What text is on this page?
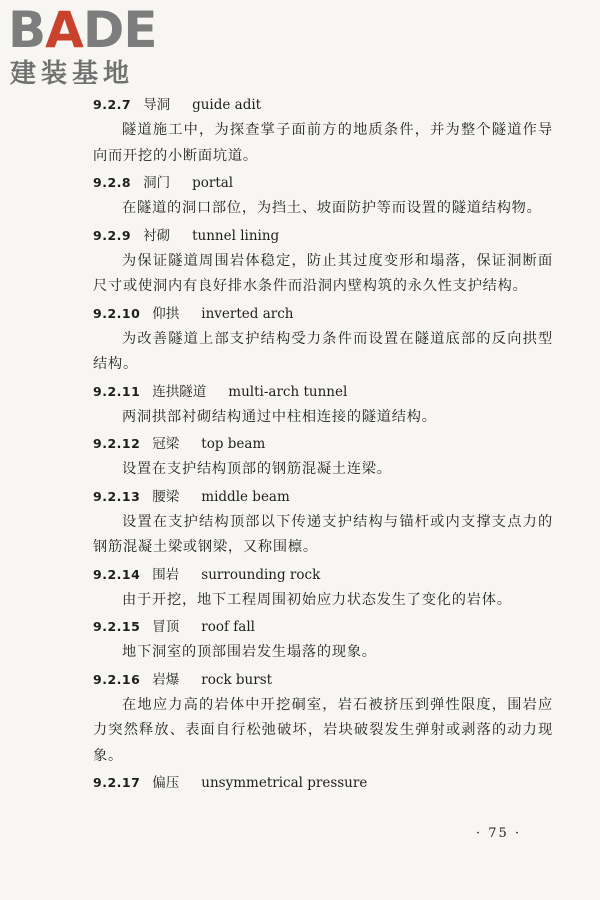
BADE
建装基地
9.2.7 导洞 guide adit
隧道施工中，为探查掌子面前方的地质条件，并为整个隧道作导向而开挖的小断面坑道。
9.2.8 洞门 portal
在隧道的洞口部位，为挡土、坡面防护等而设置的隧道结构物。
9.2.9 衬砌 tunnel lining
为保证隧道周围岩体稳定，防止其过度变形和塌落，保证洞断面尺寸或使洞内有良好排水条件而沿洞内壁构筑的永久性支护结构。
9.2.10 仰拱 inverted arch
为改善隧道上部支护结构受力条件而设置在隧道底部的反向拱型结构。
9.2.11 连拱隧道 multi-arch tunnel
两洞拱部衬砌结构通过中柱相连接的隧道结构。
9.2.12 冠梁 top beam
设置在支护结构顶部的钢筋混凝土连梁。
9.2.13 腰梁 middle beam
设置在支护结构顶部以下传递支护结构与锚杆或内支撑支点力的钢筋混凝土梁或钢梁，又称围檩。
9.2.14 围岩 surrounding rock
由于开挖，地下工程周围初始应力状态发生了变化的岩体。
9.2.15 冒顶 roof fall
地下洞室的顶部围岩发生塌落的现象。
9.2.16 岩爆 rock burst
在地应力高的岩体中开挖硐室，岩石被挤压到弹性限度，围岩应力突然释放、表面自行松弛破坏，岩块破裂发生弹射或剥落的动力现象。
9.2.17 偏压 unsymmetrical pressure
· 75 ·
